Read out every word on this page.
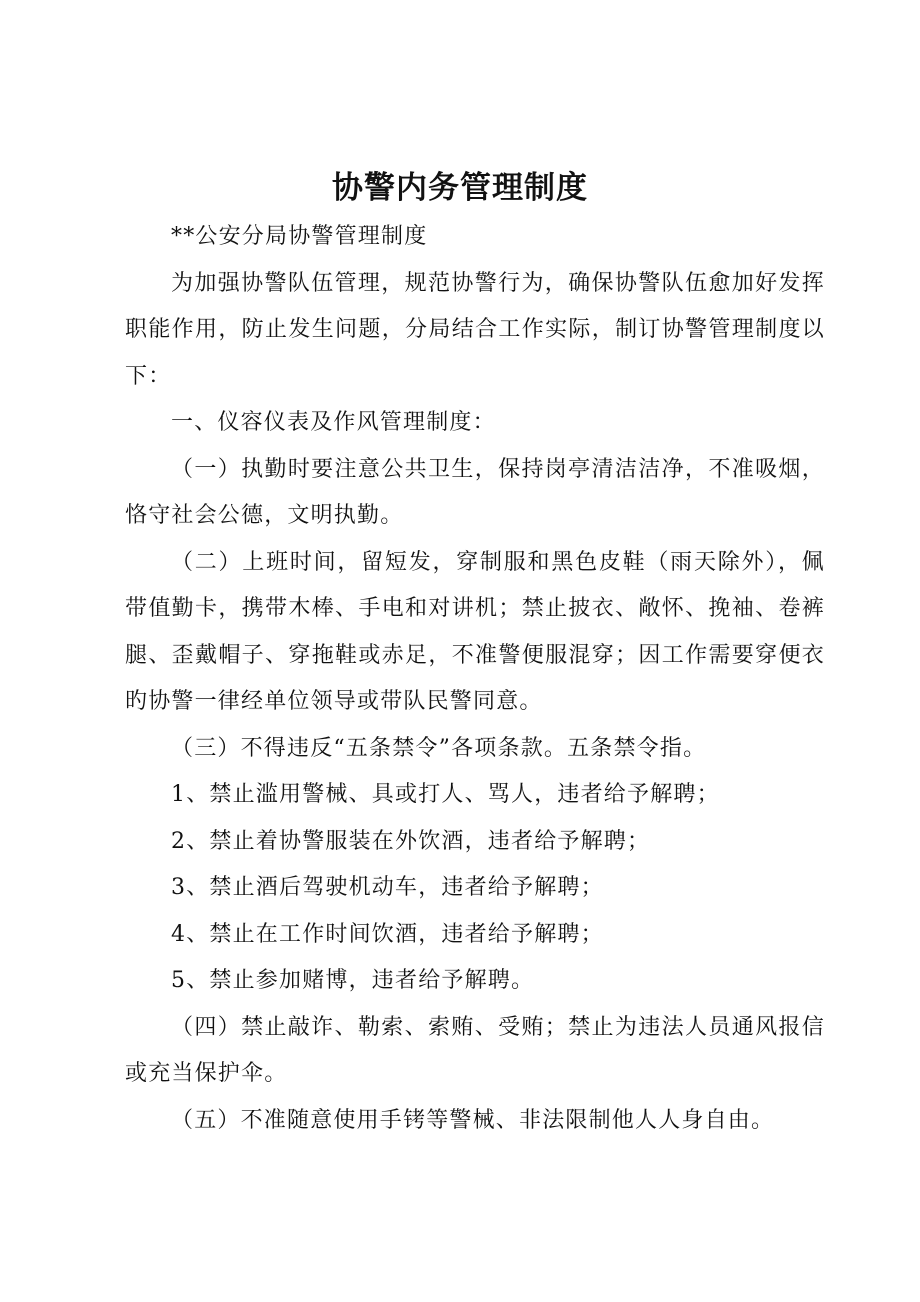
协警内务管理制度

**公安分局协警管理制度

为加强协警队伍管理，规范协警行为，确保协警队伍愈加好发挥职能作用，防止发生问题，分局结合工作实际，制订协警管理制度以下：

一、仪容仪表及作风管理制度：

（一）执勤时要注意公共卫生，保持岗亭清洁洁净，不准吸烟，恪守社会公德，文明执勤。

（二）上班时间，留短发，穿制服和黑色皮鞋（雨天除外），佩带值勤卡，携带木棒、手电和对讲机；禁止披衣、敞怀、挽袖、卷裤腿、歪戴帽子、穿拖鞋或赤足，不准警便服混穿；因工作需要穿便衣旳协警一律经单位领导或带队民警同意。

（三）不得违反“五条禁令”各项条款。五条禁令指。

1、禁止滥用警械、具或打人、骂人，违者给予解聘；

2、禁止着协警服装在外饮酒，违者给予解聘；

3、禁止酒后驾驶机动车，违者给予解聘；

4、禁止在工作时间饮酒，违者给予解聘；

5、禁止参加赌博，违者给予解聘。

（四）禁止敲诈、勒索、索贿、受贿；禁止为违法人员通风报信或充当保护伞。

（五）不准随意使用手铐等警械、非法限制他人人身自由。
